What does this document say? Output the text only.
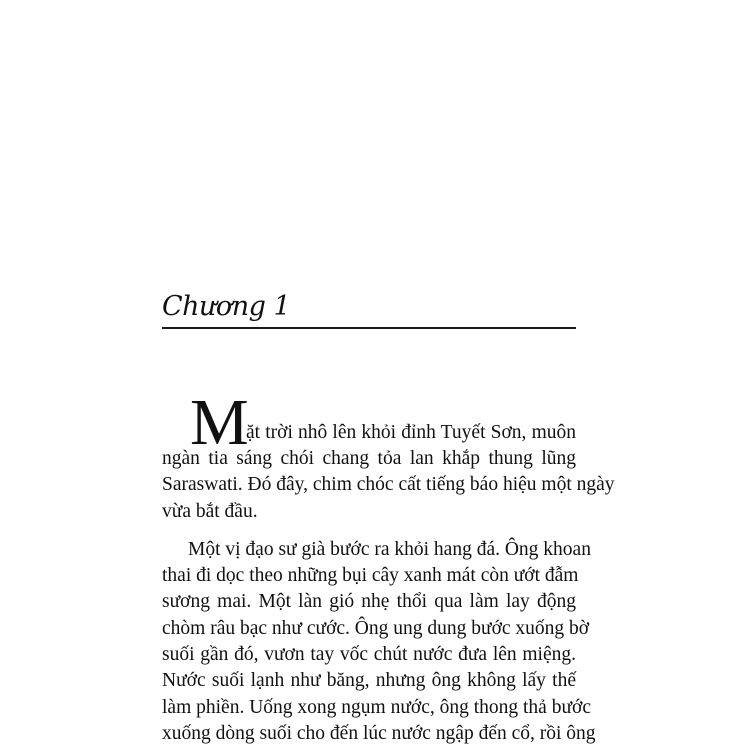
Chương 1
M
ặt trời nhô lên khỏi đỉnh Tuyết Sơn, muôn
ngàn tia sáng chói chang tỏa lan khắp thung lũng
Saraswati. Đó đây, chim chóc cất tiếng báo hiệu một ngày
vừa bắt đầu.
Một vị đạo sư già bước ra khỏi hang đá. Ông khoan
thai đi dọc theo những bụi cây xanh mát còn ướt đẫm
sương mai. Một làn gió nhẹ thổi qua làm lay động
chòm râu bạc như cước. Ông ung dung bước xuống bờ
suối gần đó, vươn tay vốc chút nước đưa lên miệng.
Nước suối lạnh như băng, nhưng ông không lấy thế
làm phiền. Uống xong ngụm nước, ông thong thả bước
xuống dòng suối cho đến lúc nước ngập đến cổ, rồi ông
